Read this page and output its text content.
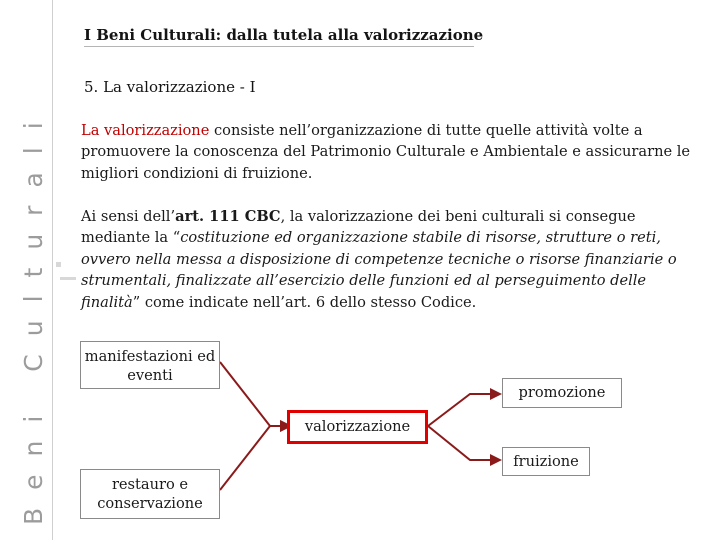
Beni Culturali
I Beni Culturali: dalla tutela alla valorizzazione
5. La valorizzazione - I
La valorizzazione consiste nell’organizzazione di tutte quelle attività volte a promuovere la conoscenza del Patrimonio Culturale e Ambientale e assicurarne le migliori condizioni di fruizione.
Ai sensi dell’art. 111 CBC, la valorizzazione dei beni culturali si consegue mediante la “costituzione ed organizzazione stabile di risorse, strutture o reti, ovvero nella messa a disposizione di competenze tecniche o risorse finanziarie o strumentali, finalizzate all’esercizio delle funzioni ed al perseguimento delle finalità” come indicate nell’art. 6 dello stesso Codice.
manifestazioni ed eventi
restauro e conservazione
valorizzazione
promozione
fruizione
